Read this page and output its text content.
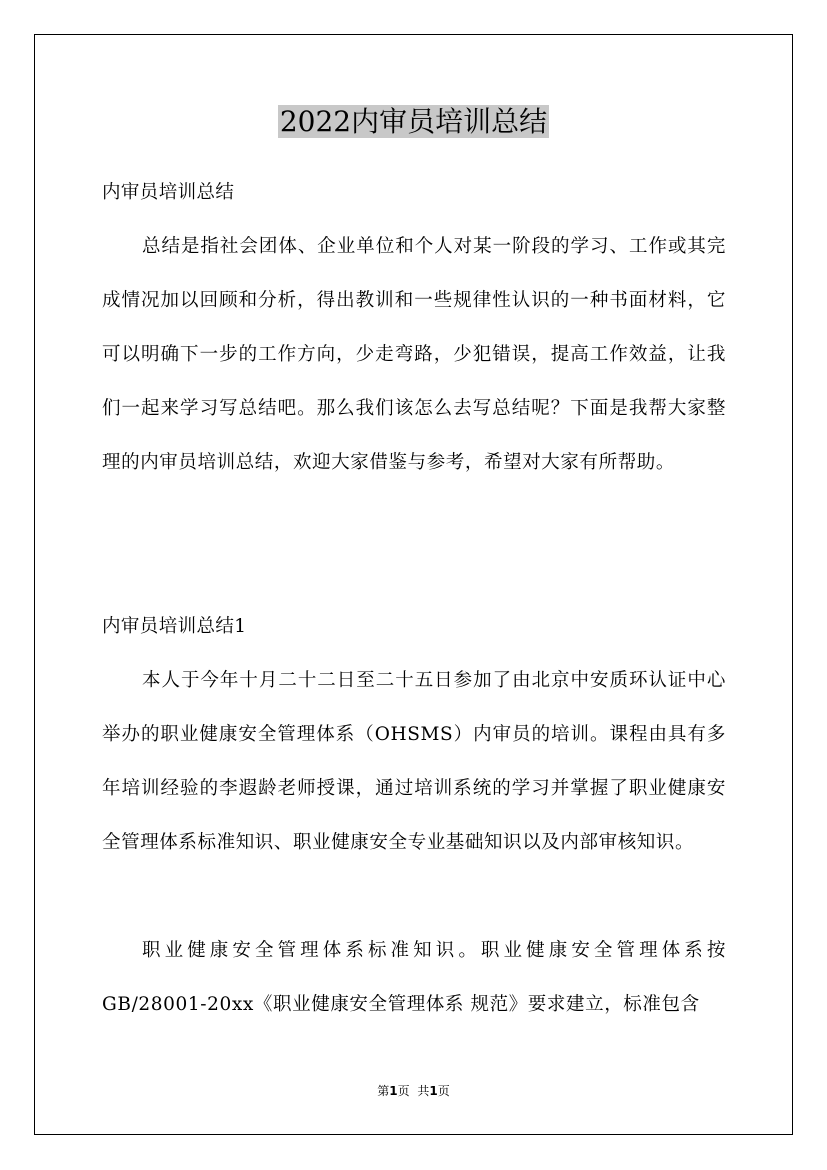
2022内审员培训总结

内审员培训总结

总结是指社会团体、企业单位和个人对某一阶段的学习、工作或其完成情况加以回顾和分析，得出教训和一些规律性认识的一种书面材料，它可以明确下一步的工作方向，少走弯路，少犯错误，提高工作效益，让我们一起来学习写总结吧。那么我们该怎么去写总结呢？下面是我帮大家整理的内审员培训总结，欢迎大家借鉴与参考，希望对大家有所帮助。

内审员培训总结1

本人于今年十月二十二日至二十五日参加了由北京中安质环认证中心举办的职业健康安全管理体系（OHSMS）内审员的培训。课程由具有多年培训经验的李遐龄老师授课，通过培训系统的学习并掌握了职业健康安全管理体系标准知识、职业健康安全专业基础知识以及内部审核知识。

职业健康安全管理体系标准知识。职业健康安全管理体系按GB/28001-20xx《职业健康安全管理体系 规范》要求建立，标准包含

第1页 共1页
